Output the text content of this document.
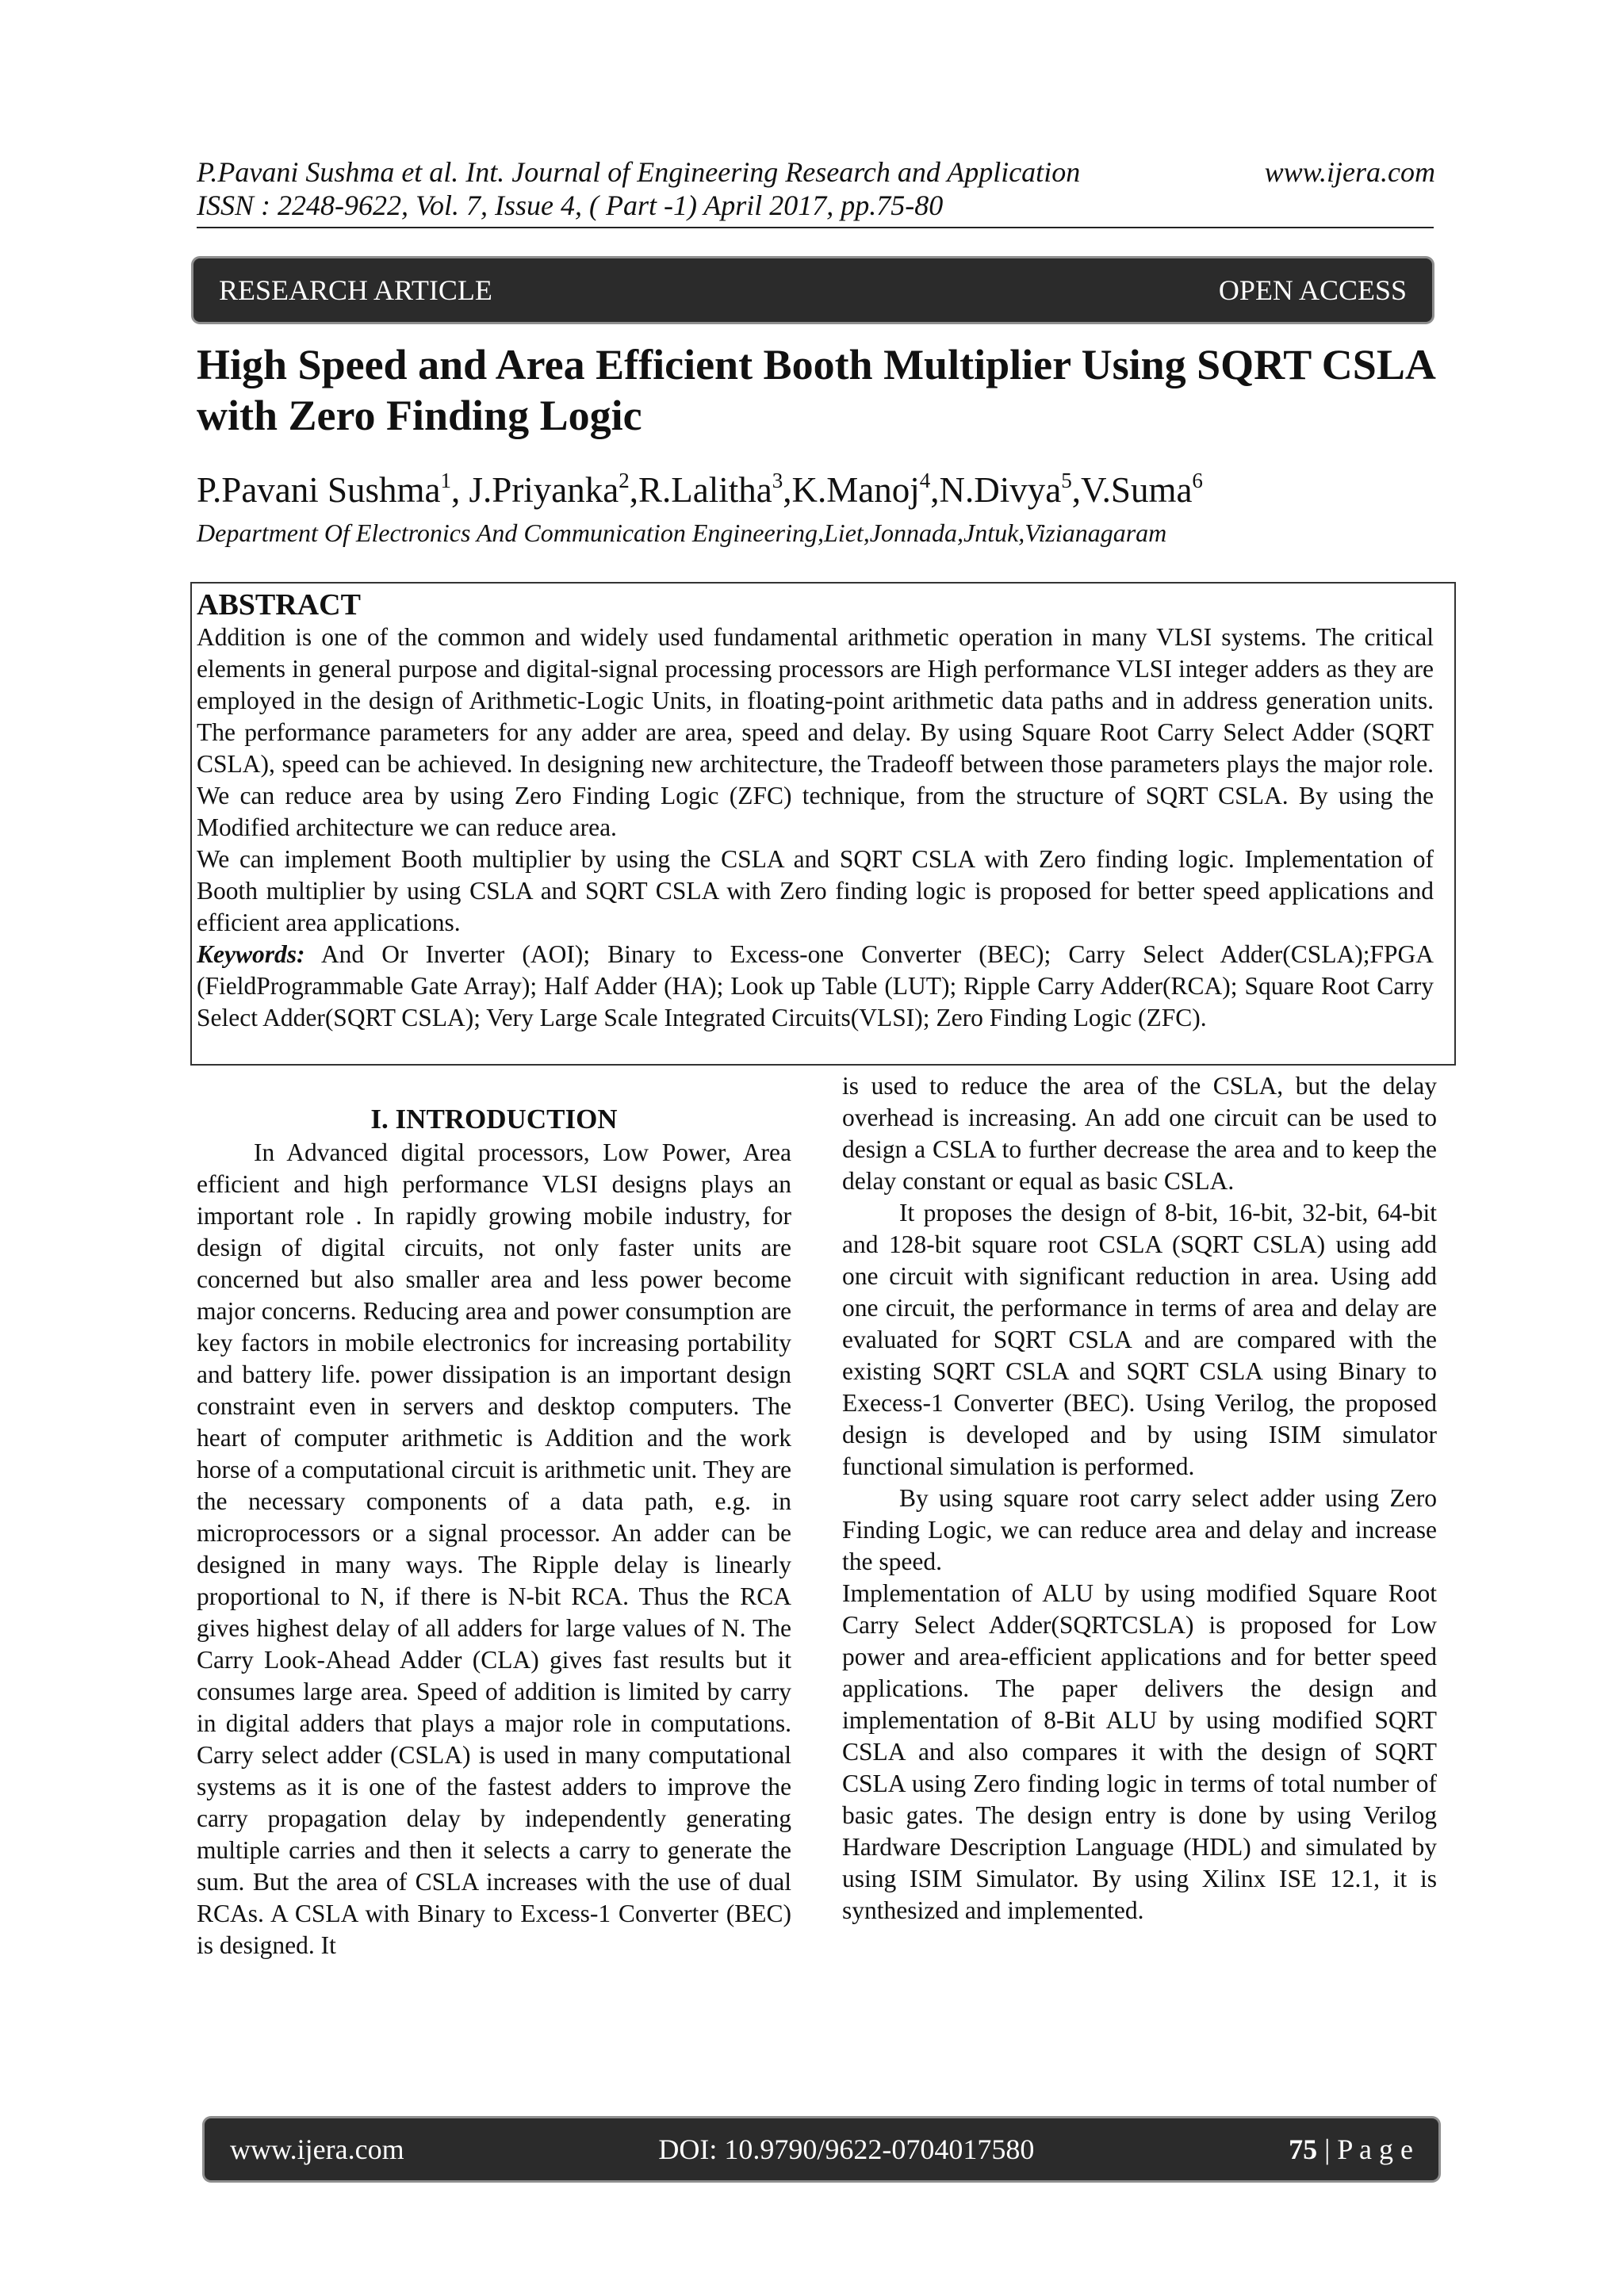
P.Pavani Sushma et al. Int. Journal of Engineering Research and Application
ISSN : 2248-9622, Vol. 7, Issue 4, ( Part -1) April 2017, pp.75-80
www.ijera.com
RESEARCH ARTICLE	OPEN ACCESS
High Speed and Area Efficient Booth Multiplier Using SQRT CSLA with Zero Finding Logic
P.Pavani Sushma$^1$, J.Priyanka$^2$,R.Lalitha$^3$,K.Manoj$^4$,N.Divya$^5$,V.Suma$^6$
Department Of Electronics And Communication Engineering,Liet,Jonnada,Jntuk,Vizianagaram
ABSTRACT

Addition is one of the common and widely used fundamental arithmetic operation in many VLSI systems. The critical elements in general purpose and digital-signal processing processors are High performance VLSI integer adders as they are employed in the design of Arithmetic-Logic Units, in floating-point arithmetic data paths and in address generation units. The performance parameters for any adder are area, speed and delay. By using Square Root Carry Select Adder (SQRT CSLA), speed can be achieved. In designing new architecture, the Tradeoff between those parameters plays the major role. We can reduce area by using Zero Finding Logic (ZFC) technique, from the structure of SQRT CSLA. By using the Modified architecture we can reduce area.

We can implement Booth multiplier by using the CSLA and SQRT CSLA with Zero finding logic. Implementation of Booth multiplier by using CSLA and SQRT CSLA with Zero finding logic is proposed for better speed applications and efficient area applications.

Keywords: And Or Inverter (AOI); Binary to Excess-one Converter (BEC); Carry Select Adder(CSLA);FPGA (FieldProgrammable Gate Array); Half Adder (HA); Look up Table (LUT); Ripple Carry Adder(RCA); Square Root Carry Select Adder(SQRT CSLA); Very Large Scale Integrated Circuits(VLSI); Zero Finding Logic (ZFC).

I. INTRODUCTION

In Advanced digital processors, Low Power, Area efficient and high performance VLSI designs plays an important role . In rapidly growing mobile industry, for design of digital circuits, not only faster units are concerned but also smaller area and less power become major concerns. Reducing area and power consumption are key factors in mobile electronics for increasing portability and battery life. power dissipation is an important design constraint even in servers and desktop computers. The heart of computer arithmetic is Addition and the work horse of a computational circuit is arithmetic unit. They are the necessary components of a data path, e.g. in microprocessors or a signal processor. An adder can be designed in many ways. The Ripple delay is linearly proportional to N, if there is N-bit RCA. Thus the RCA gives highest delay of all adders for large values of N. The Carry Look-Ahead Adder (CLA) gives fast results but it consumes large area. Speed of addition is limited by carry in digital adders that plays a major role in computations. Carry select adder (CSLA) is used in many computational systems as it is one of the fastest adders to improve the carry propagation delay by independently generating multiple carries and then it selects a carry to generate the sum. But the area of CSLA increases with the use of dual RCAs. A CSLA with Binary to Excess-1 Converter (BEC) is designed. It

is used to reduce the area of the CSLA, but the delay overhead is increasing. An add one circuit can be used to design a CSLA to further decrease the area and to keep the delay constant or equal as basic CSLA.

It proposes the design of 8-bit, 16-bit, 32-bit, 64-bit and 128-bit square root CSLA (SQRT CSLA) using add one circuit with significant reduction in area. Using add one circuit, the performance in terms of area and delay are evaluated for SQRT CSLA and are compared with the existing SQRT CSLA and SQRT CSLA using Binary to Execess-1 Converter (BEC). Using Verilog, the proposed design is developed and by using ISIM simulator functional simulation is performed.

By using square root carry select adder using Zero Finding Logic, we can reduce area and delay and increase the speed.

Implementation of ALU by using modified Square Root Carry Select Adder(SQRTCSLA) is proposed for Low power and area-efficient applications and for better speed applications. The paper delivers the design and implementation of 8-Bit ALU by using modified SQRT CSLA and also compares it with the design of SQRT CSLA using Zero finding logic in terms of total number of basic gates. The design entry is done by using Verilog Hardware Description Language (HDL) and simulated by using ISIM Simulator. By using Xilinx ISE 12.1, it is synthesized and implemented.

www.ijera.com	DOI: 10.9790/9622-0704017580	75 | P a g e
